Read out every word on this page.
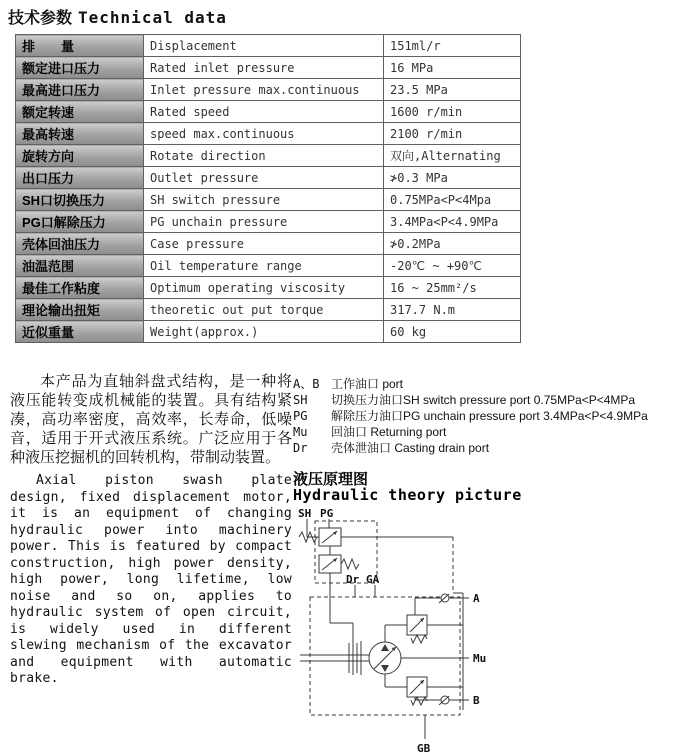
技术参数 Technical data
排　　量	Displacement	151ml/r
额定进口压力	Rated inlet pressure	16 MPa
最高进口压力	Inlet pressure max.continuous	23.5 MPa
额定转速	Rated speed	1600 r/min
最高转速	speed max.continuous	2100 r/min
旋转方向	Rotate direction	双向,Alternating
出口压力	Outlet pressure	≯0.3 MPa
SH口切换压力	SH switch pressure	0.75MPa<P<4Mpa
PG口解除压力	PG unchain pressure	3.4MPa<P<4.9MPa
壳体回油压力	Case pressure	≯0.2MPa
油温范围	Oil temperature range	-20℃ ~ +90℃
最佳工作粘度	Optimum operating viscosity	16 ~ 25mm²/s
理论输出扭矩	theoretic out put torque	317.7 N.m
近似重量	Weight(approx.)	60 kg

本产品为直轴斜盘式结构，是一种将液压能转变成机械能的装置。具有结构紧凑，高功率密度，高效率，长寿命，低噪音，适用于开式液压系统。广泛应用于各种液压挖掘机的回转机构，带制动装置。

Axial piston swash plate design, fixed displacement motor, it is an equipment of changing hydraulic power into machinery power. This is featured by compact construction, high power density, high power, long lifetime, low noise and so on, applies to hydraulic system of open circuit, is widely used in different slewing mechanism of the excavator and equipment with automatic brake.

A、B 工作油口 port
SH	切换压力油口SH switch pressure port 0.75MPa<P<4MPa
PG	解除压力油口PG unchain pressure port 3.4MPa<P<4.9MPa
Mu	回油口 Returning port
Dr	壳体泄油口 Casting drain port
液压原理图
Hydraulic theory picture
SH PG
Dr GA
A
Mu
B
GB
